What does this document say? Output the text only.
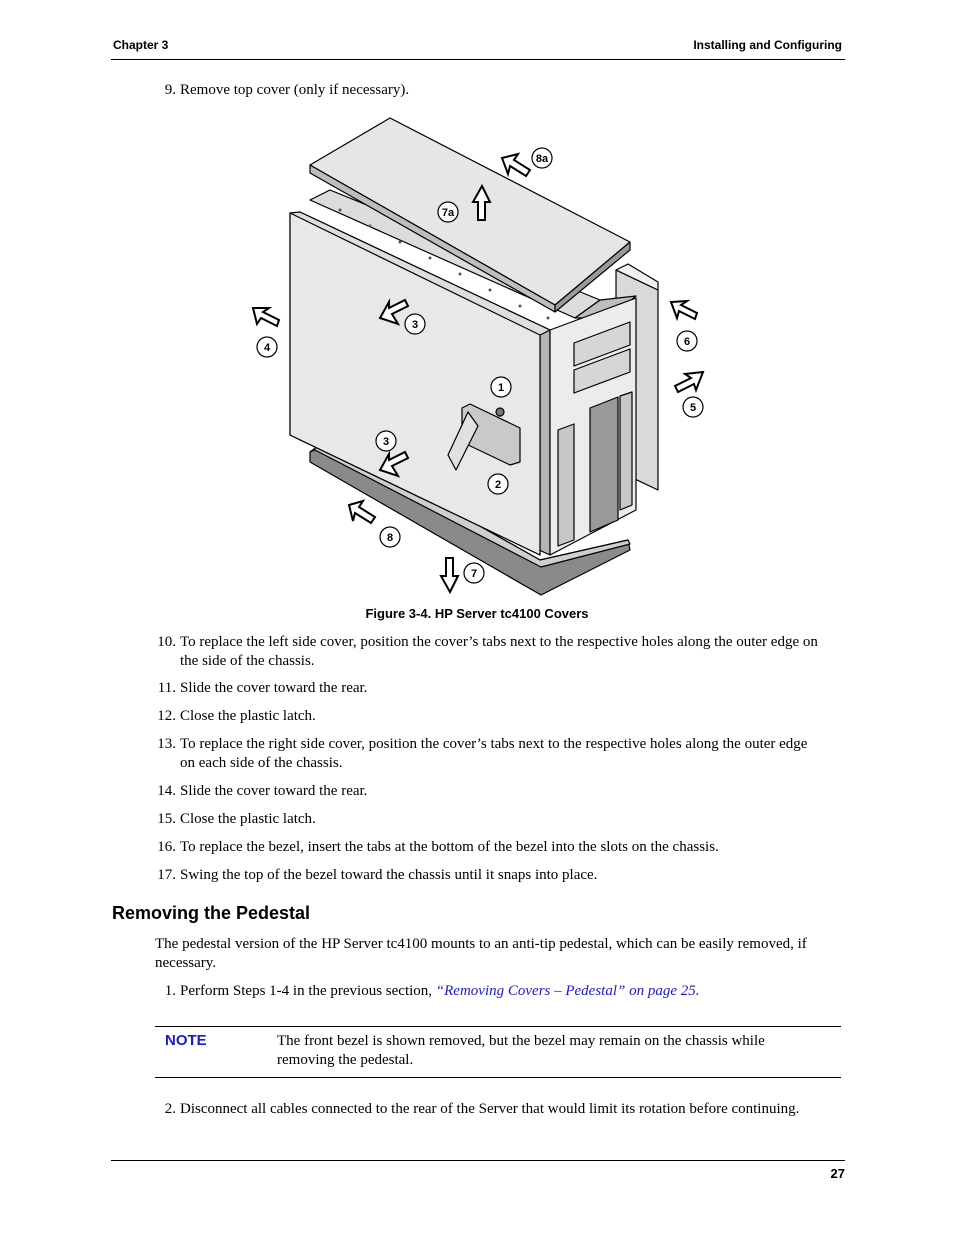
Chapter 3	Installing and Configuring
9. Remove top cover (only if necessary).
8a
7a
4
3
6
5
1
3
2
8
7
Figure 3-4. HP Server tc4100 Covers
10. To replace the left side cover, position the cover’s tabs next to the respective holes along the outer edge on
the side of the chassis.
11. Slide the cover toward the rear.
12. Close the plastic latch.
13. To replace the right side cover, position the cover’s tabs next to the respective holes along the outer edge
on each side of the chassis.
14. Slide the cover toward the rear.
15. Close the plastic latch.
16. To replace the bezel, insert the tabs at the bottom of the bezel into the slots on the chassis.
17. Swing the top of the bezel toward the chassis until it snaps into place.
Removing the Pedestal
The pedestal version of the HP Server tc4100 mounts to an anti-tip pedestal, which can be easily removed, if necessary.
1. Perform Steps 1-4 in the previous section, “Removing Covers – Pedestal” on page 25.
NOTE	The front bezel is shown removed, but the bezel may remain on the chassis while removing the pedestal.
2. Disconnect all cables connected to the rear of the Server that would limit its rotation before continuing.
27
